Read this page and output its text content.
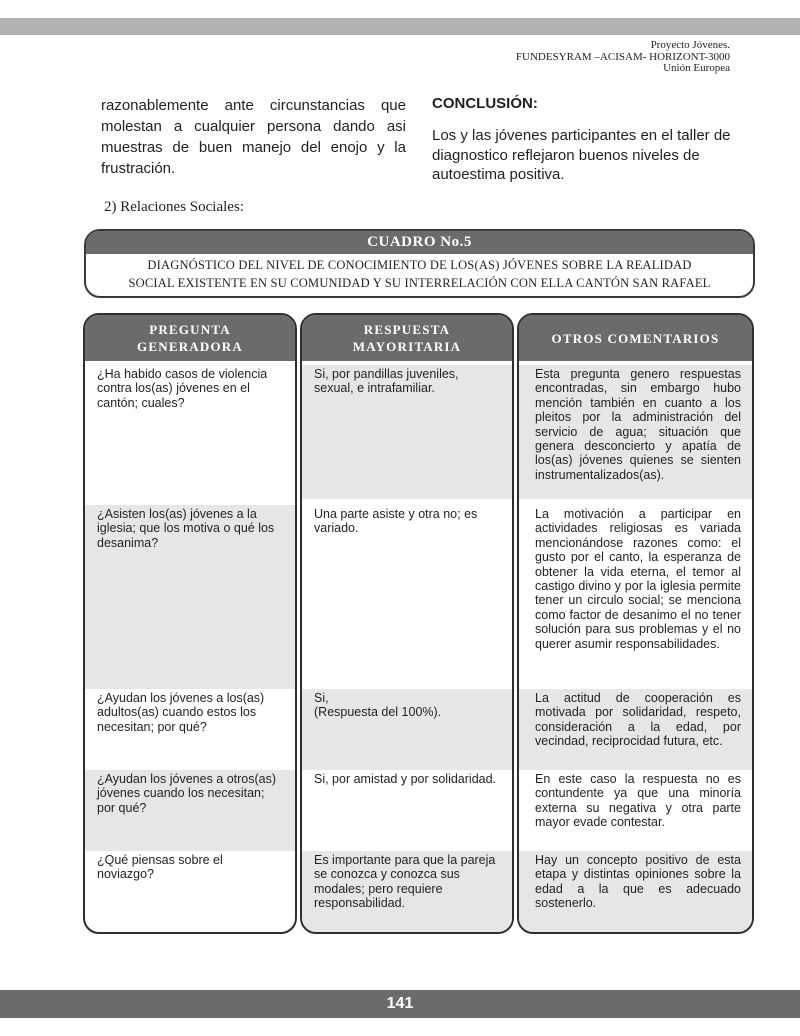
Proyecto Jóvenes.
FUNDESYRAM –ACISAM- HORIZONT-3000
Unión Europea
razonablemente ante circunstancias que molestan a cualquier persona dando asi muestras de buen manejo del enojo y la frustración.
CONCLUSIÓN:
Los y las jóvenes participantes en el taller de diagnostico reflejaron buenos niveles de autoestima positiva.
2) Relaciones Sociales:
CUADRO No.5
DIAGNÓSTICO DEL NIVEL DE CONOCIMIENTO DE LOS(AS) JÓVENES SOBRE LA REALIDAD
SOCIAL EXISTENTE EN SU COMUNIDAD Y SU INTERRELACIÓN CON ELLA CANTÓN SAN RAFAEL
PREGUNTA
GENERADORA
¿Ha habido casos de violencia contra los(as) jóvenes en el cantón; cuales?
¿Asisten los(as) jóvenes a la iglesia; que los motiva o qué los desanima?
¿Ayudan los jóvenes a los(as) adultos(as) cuando estos los necesitan; por qué?
¿Ayudan los jóvenes a otros(as) jóvenes cuando los necesitan; por qué?
¿Qué piensas sobre el noviazgo?
RESPUESTA
MAYORITARIA
Si, por pandillas juveniles, sexual, e intrafamiliar.
Una parte asiste y otra no; es variado.
Si,
(Respuesta del 100%).
Si, por amistad y por solidaridad.
Es importante para que la pareja se conozca y conozca sus modales; pero requiere responsabilidad.
OTROS COMENTARIOS
Esta pregunta genero respuestas encontradas, sin embargo hubo mención también en cuanto a los pleitos por la administración del servicio de agua; situación que genera desconcierto y apatía de los(as) jóvenes quienes se sienten instrumentalizados(as).
La motivación a participar en actividades religiosas es variada mencionándose razones como: el gusto por el canto, la esperanza de obtener la vida eterna, el temor al castigo divino y por la iglesia permite tener un circulo social; se menciona como factor de desanimo el no tener solución para sus problemas y el no querer asumir responsabilidades.
La actitud de cooperación es motivada por solidaridad, respeto, consideración a la edad, por vecindad, reciprocidad futura, etc.
En este caso la respuesta no es contundente ya que una minoría externa su negativa y otra parte mayor evade contestar.
Hay un concepto positivo de esta etapa y distintas opiniones sobre la edad a la que es adecuado sostenerlo.
141
